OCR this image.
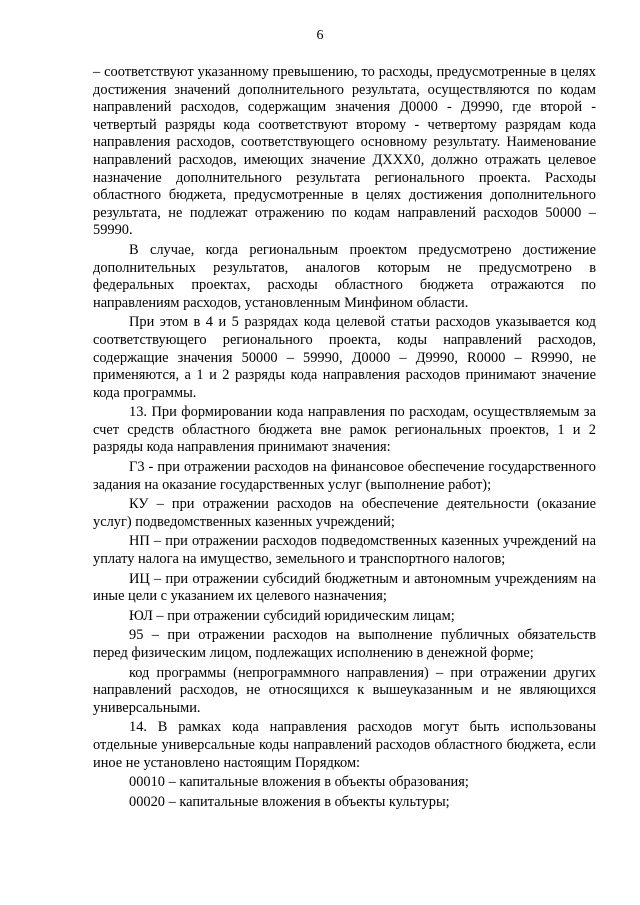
6

– соответствуют указанному превышению, то расходы, предусмотренные в целях достижения значений дополнительного результата, осуществляются по кодам направлений расходов, содержащим значения Д0000 - Д9990, где второй - четвертый разряды кода соответствуют второму - четвертому разрядам кода направления расходов, соответствующего основному результату. Наименование направлений расходов, имеющих значение ДХХХ0, должно отражать целевое назначение дополнительного результата регионального проекта. Расходы областного бюджета, предусмотренные в целях достижения дополнительного результата, не подлежат отражению по кодам направлений расходов 50000 – 59990.

В случае, когда региональным проектом предусмотрено достижение дополнительных результатов, аналогов которым не предусмотрено в федеральных проектах, расходы областного бюджета отражаются по направлениям расходов, установленным Минфином области.

При этом в 4 и 5 разрядах кода целевой статьи расходов указывается код соответствующего регионального проекта, коды направлений расходов, содержащие значения 50000 – 59990, Д0000 – Д9990, R0000 – R9990, не применяются, а 1 и 2 разряды кода направления расходов принимают значение кода программы.

13. При формировании кода направления по расходам, осуществляемым за счет средств областного бюджета вне рамок региональных проектов, 1 и 2 разряды кода направления принимают значения:

Г3 - при отражении расходов на финансовое обеспечение государственного задания на оказание государственных услуг (выполнение работ);

КУ – при отражении расходов на обеспечение деятельности (оказание услуг) подведомственных казенных учреждений;

НП – при отражении расходов подведомственных казенных учреждений на уплату налога на имущество, земельного и транспортного налогов;

ИЦ – при отражении субсидий бюджетным и автономным учреждениям на иные цели с указанием их целевого назначения;

ЮЛ – при отражении субсидий юридическим лицам;

95 – при отражении расходов на выполнение публичных обязательств перед физическим лицом, подлежащих исполнению в денежной форме;

код программы (непрограммного направления) – при отражении других направлений расходов, не относящихся к вышеуказанным и не являющихся универсальными.

14. В рамках кода направления расходов могут быть использованы отдельные универсальные коды направлений расходов областного бюджета, если иное не установлено настоящим Порядком:

00010 – капитальные вложения в объекты образования;

00020 – капитальные вложения в объекты культуры;
